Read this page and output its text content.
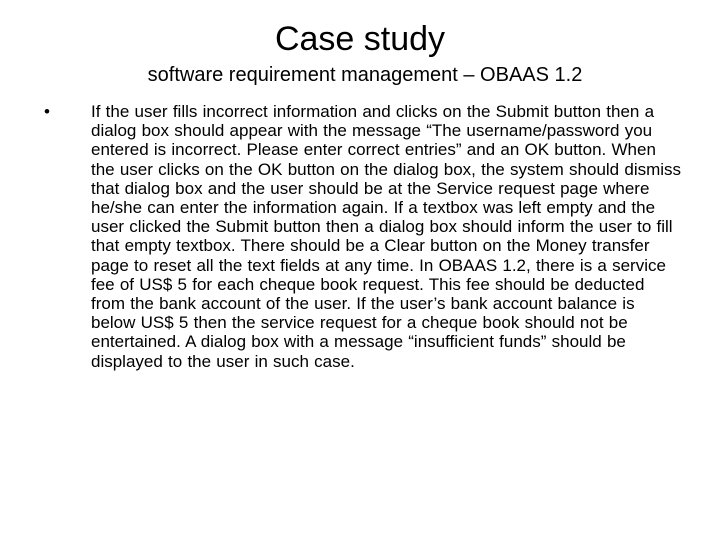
Case study

software requirement management – OBAAS 1.2

• If the user fills incorrect information and clicks on the Submit button then a dialog box should appear with the message “The username/password you entered is incorrect. Please enter correct entries” and an OK button. When the user clicks on the OK button on the dialog box, the system should dismiss that dialog box and the user should be at the Service request page where he/she can enter the information again. If a textbox was left empty and the user clicked the Submit button then a dialog box should inform the user to fill that empty textbox. There should be a Clear button on the Money transfer page to reset all the text fields at any time. In OBAAS 1.2, there is a service fee of US$ 5 for each cheque book request. This fee should be deducted from the bank account of the user. If the user’s bank account balance is below US$ 5 then the service request for a cheque book should not be entertained. A dialog box with a message “insufficient funds” should be displayed to the user in such case.
